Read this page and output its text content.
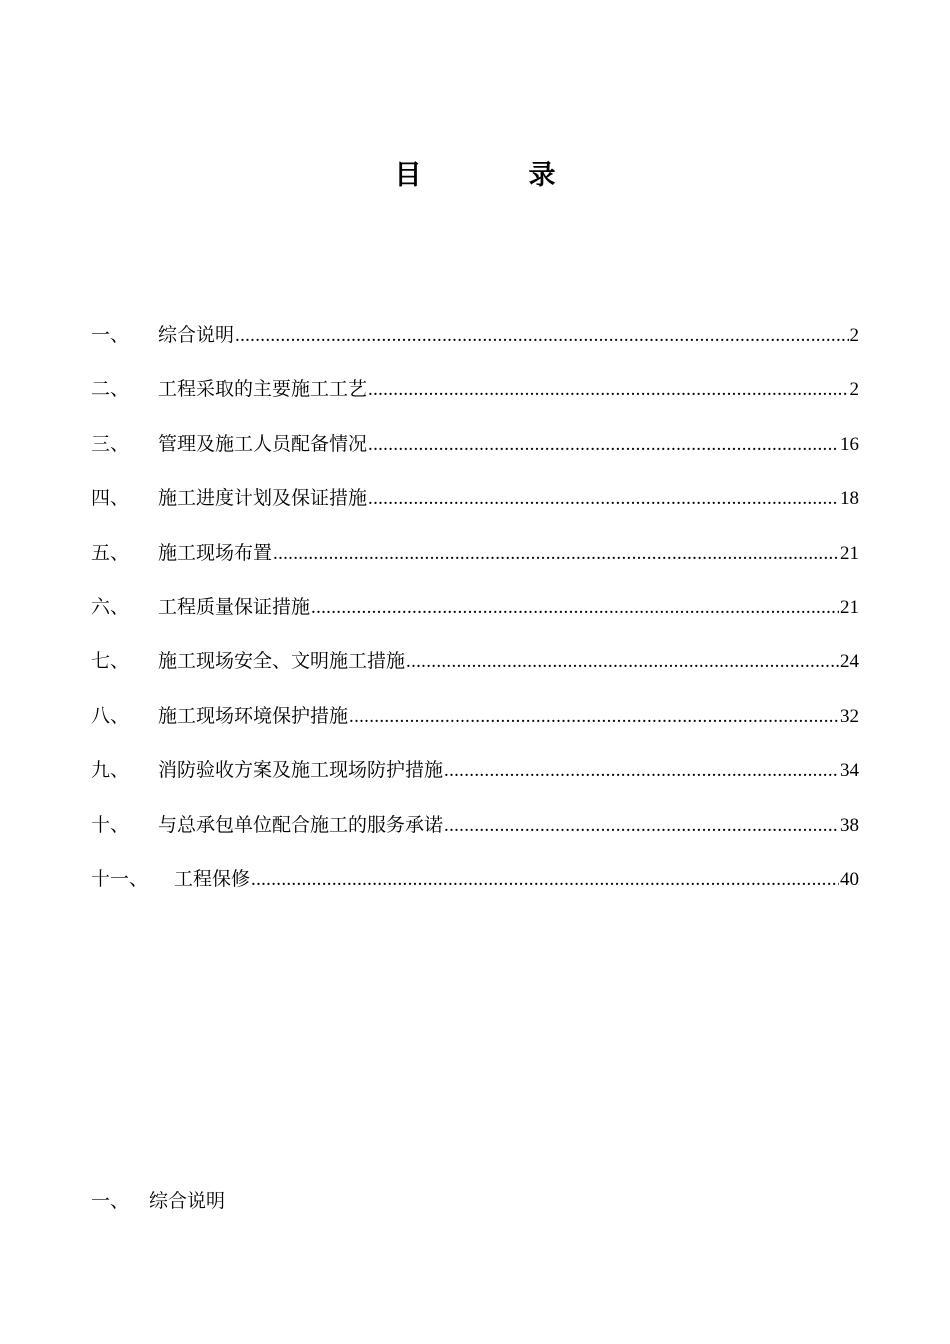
目　录
一、	综合说明 .....	2
二、	工程采取的主要施工工艺 .....	2
三、	管理及施工人员配备情况 .....	16
四、	施工进度计划及保证措施 .....	18
五、	施工现场布置 .....	21
六、	工程质量保证措施 .....	21
七、	施工现场安全、文明施工措施 .....	24
八、	施工现场环境保护措施 .....	32
九、	消防验收方案及施工现场防护措施 .....	34
十、	与总承包单位配合施工的服务承诺 .....	38
十一、	工程保修 .....	40
一、	综合说明
